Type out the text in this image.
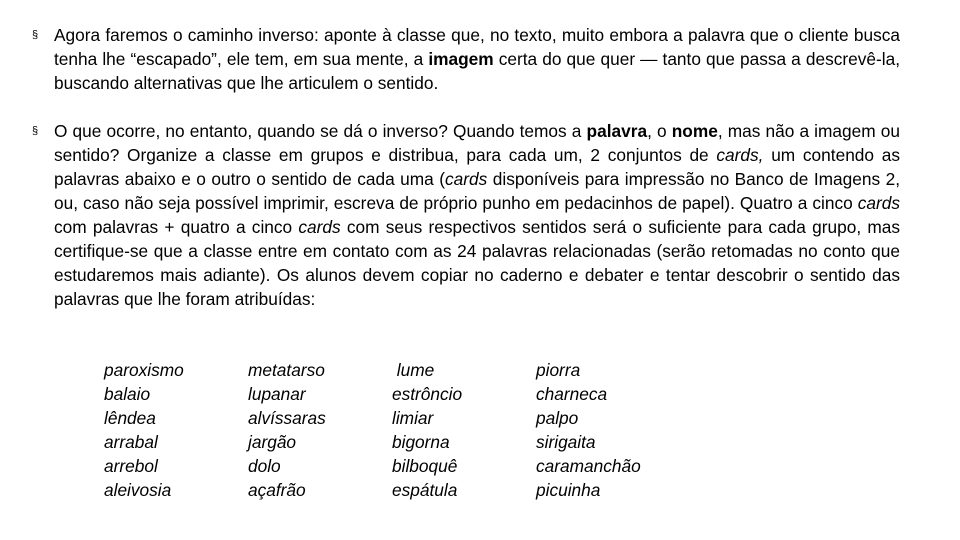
§ Agora faremos o caminho inverso: aponte à classe que, no texto, muito embora a palavra que o cliente busca tenha lhe “escapado”, ele tem, em sua mente, a imagem certa do que quer — tanto que passa a descrevê-la, buscando alternativas que lhe articulem o sentido.
§ O que ocorre, no entanto, quando se dá o inverso? Quando temos a palavra, o nome, mas não a imagem ou sentido? Organize a classe em grupos e distribua, para cada um, 2 conjuntos de cards, um contendo as palavras abaixo e o outro o sentido de cada uma (cards disponíveis para impressão no Banco de Imagens 2, ou, caso não seja possível imprimir, escreva de próprio punho em pedacinhos de papel). Quatro a cinco cards com palavras + quatro a cinco cards com seus respectivos sentidos será o suficiente para cada grupo, mas certifique-se que a classe entre em contato com as 24 palavras relacionadas (serão retomadas no conto que estudaremos mais adiante). Os alunos devem copiar no caderno e debater e tentar descobrir o sentido das palavras que lhe foram atribuídas:
paroxismo
balaio
lêndea
arrabal
arrebol
aleivosia
metatarso
lupanar
alvíssaras
jargão
dolo
açafrão
lume
estrôncio
limiar
bigorna
bilboquê
espátula
piorra
charneca
palpo
sirigaita
caramanchão
picuinha
